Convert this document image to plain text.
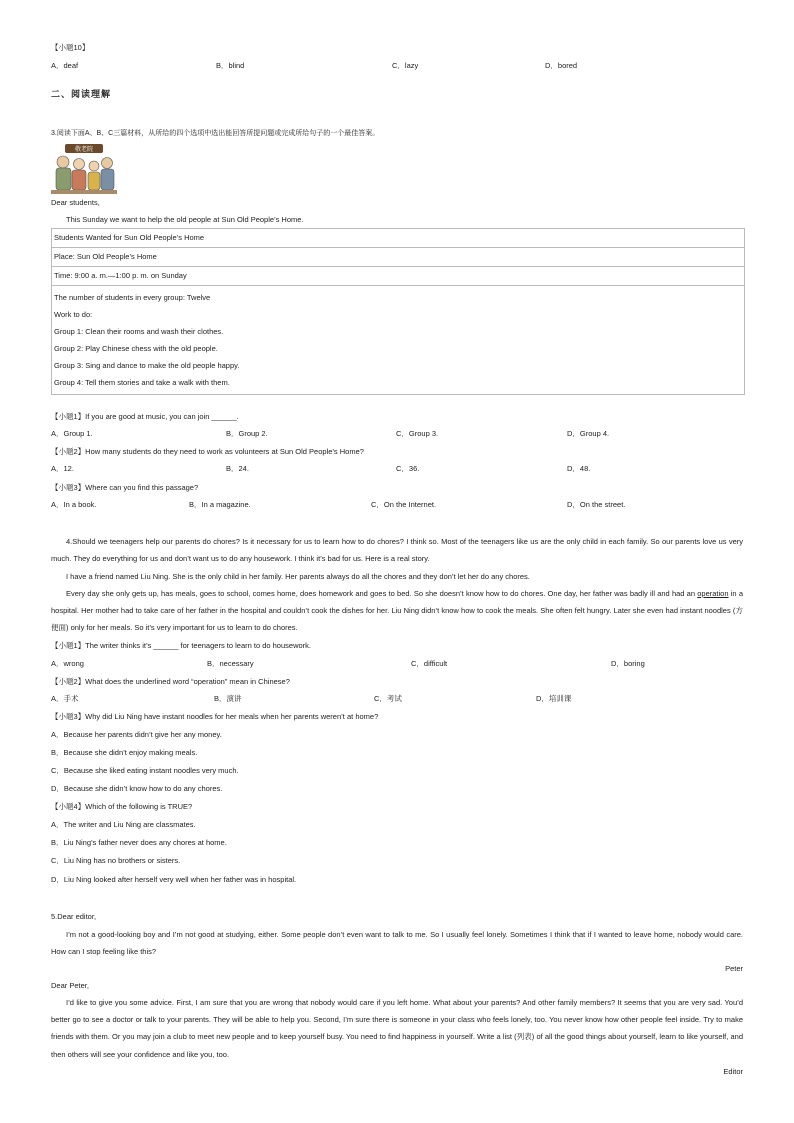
【小题10】
A．deaf	B．blind	C．lazy	D．bored
二、阅读理解
3.阅读下面A、B、C三篇材料，从所给的四个选项中选出能回答所提问题或完成所给句子的一个最佳答案。
敬老院
Dear students,
This Sunday we want to help the old people at Sun Old People’s Home.
Students Wanted for Sun Old People’s Home
Place: Sun Old People’s Home
Time: 9:00 a. m.—1:00 p. m. on Sunday
The number of students in every group: Twelve
Work to do:
Group 1: Clean their rooms and wash their clothes.
Group 2: Play Chinese chess with the old people.
Group 3: Sing and dance to make the old people happy.
Group 4: Tell them stories and take a walk with them.
【小题1】If you are good at music, you can join ______.
A．Group 1.	B．Group 2.	C．Group 3.	D．Group 4.
【小题2】How many students do they need to work as volunteers at Sun Old People’s Home?
A．12.	B．24.	C．36.	D．48.
【小题3】Where can you find this passage?
A．In a book.	B．In a magazine.	C．On the Internet.	D．On the street.
4.Should we teenagers help our parents do chores? Is it necessary for us to learn how to do chores? I think so. Most of the teenagers like us are the only child in each family. So our parents love us very much. They do everything for us and don’t want us to do any housework. I think it’s bad for us. Here is a real story.
I have a friend named Liu Ning. She is the only child in her family. Her parents always do all the chores and they don’t let her do any chores.
Every day she only gets up, has meals, goes to school, comes home, does homework and goes to bed. So she doesn’t know how to do chores. One day, her father was badly ill and had an operation in a hospital. Her mother had to take care of her father in the hospital and couldn’t cook the dishes for her. Liu Ning didn’t know how to cook the meals. She often felt hungry. Later she even had instant noodles (方便面) only for her meals. So it’s very important for us to learn to do chores.
【小题1】The writer thinks it’s ______ for teenagers to learn to do housework.
A．wrong	B．necessary	C．difficult	D．boring
【小题2】What does the underlined word “operation” mean in Chinese?
A．手术	B．演讲	C．考试	D．培训课
【小题3】Why did Liu Ning have instant noodles for her meals when her parents weren’t at home?
A．Because her parents didn’t give her any money.
B．Because she didn’t enjoy making meals.
C．Because she liked eating instant noodles very much.
D．Because she didn’t know how to do any chores.
【小题4】Which of the following is TRUE?
A．The writer and Liu Ning are classmates.
B．Liu Ning’s father never does any chores at home.
C．Liu Ning has no brothers or sisters.
D．Liu Ning looked after herself very well when her father was in hospital.
5.Dear editor,
I’m not a good-looking boy and I’m not good at studying, either. Some people don’t even want to talk to me. So I usually feel lonely. Sometimes I think that if I wanted to leave home, nobody would care. How can I stop feeling like this?
Peter
Dear Peter,
I’d like to give you some advice. First, I am sure that you are wrong that nobody would care if you left home. What about your parents? And other family members? It seems that you are very sad. You’d better go to see a doctor or talk to your parents. They will be able to help you. Second, I’m sure there is someone in your class who feels lonely, too. You never know how other people feel inside. Try to make friends with them. Or you may join a club to meet new people and to keep yourself busy. You need to find happiness in yourself. Write a list (列表) of all the good things about yourself, learn to like yourself, and then others will see your confidence and like you, too.
Editor
